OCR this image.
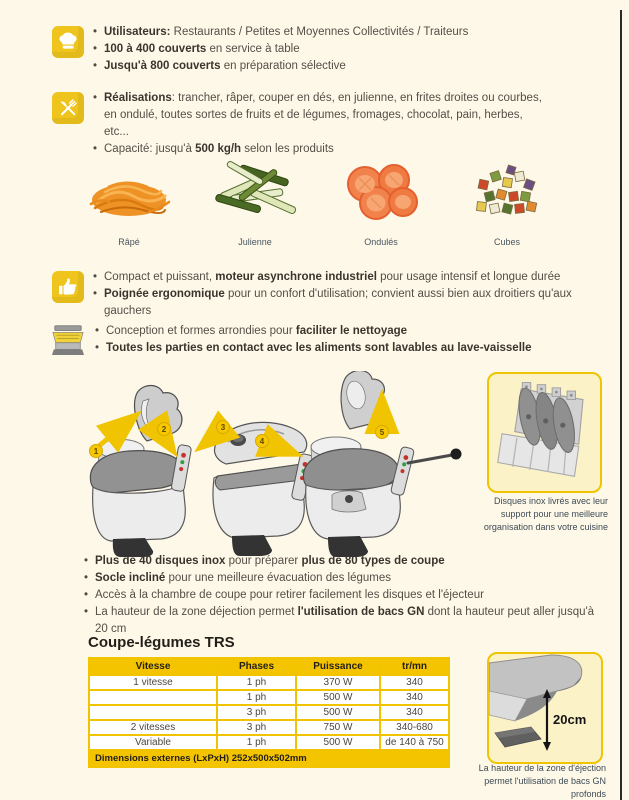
• Utilisateurs: Restaurants / Petites et Moyennes Collectivités / Traiteurs
• 100 à 400 couverts en service à table
• Jusqu'à 800 couverts en préparation sélective
• Réalisations: trancher, râper, couper en dés, en julienne, en frites droites ou courbes, en ondulé, toutes sortes de fruits et de légumes, fromages, chocolat, pain, herbes, etc...
• Capacité: jusqu'à 500 kg/h selon les produits
Râpé	Julienne	Ondulés	Cubes
• Compact et puissant, moteur asynchrone industriel pour usage intensif et longue durée
• Poignée ergonomique pour un confort d'utilisation; convient aussi bien aux droitiers qu'aux gauchers
• Conception et formes arrondies pour faciliter le nettoyage
• Toutes les parties en contact avec les aliments sont lavables au lave-vaisselle
1
2	3
4
5
Disques inox livrés avec leur support pour une meilleure organisation dans votre cuisine
• Plus de 40 disques inox pour préparer plus de 80 types de coupe
• Socle incliné pour une meilleure évacuation des légumes
• Accès à la chambre de coupe pour retirer facilement les disques et l'éjecteur
• La hauteur de la zone déjection permet l'utilisation de bacs GN dont la hauteur peut aller jusqu'à 20 cm
Coupe-légumes TRS
Vitesse	Phases	Puissance	tr/mn
1 vitesse	1 ph	370 W	340
	1 ph	500 W	340
	3 ph	500 W	340
2 vitesses	3 ph	750 W	340-680
Variable	1 ph	500 W	de 140 à 750
Dimensions externes (LxPxH) 252x500x502mm			
20cm
La hauteur de la zone d'éjection permet l'utilisation de bacs GN profonds
